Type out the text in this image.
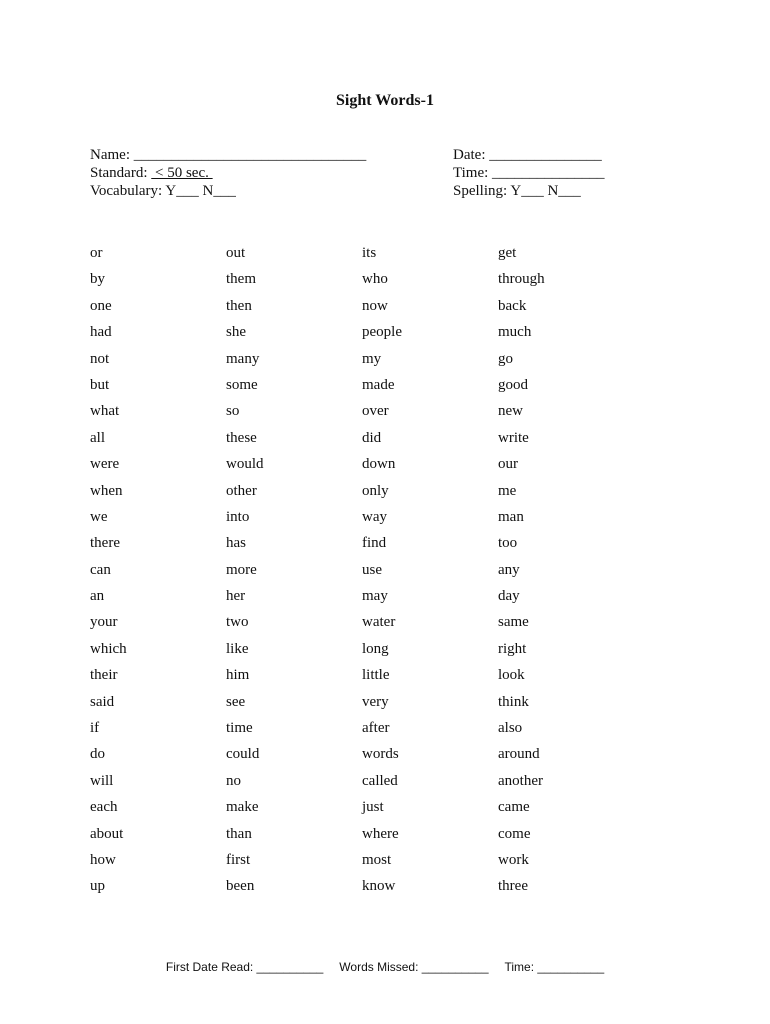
Sight Words-1
Name: _______________________________
Standard:  < 50 sec.
Vocabulary: Y___ N___
Date: _______________
Time: _______________
Spelling: Y___ N___
or
by
one
had
not
but
what
all
were
when
we
there
can
an
your
which
their
said
if
do
will
each
about
how
up
out
them
then
she
many
some
so
these
would
other
into
has
more
her
two
like
him
see
time
could
no
make
than
first
been
its
who
now
people
my
made
over
did
down
only
way
find
use
may
water
long
little
very
after
words
called
just
where
most
know
get
through
back
much
go
good
new
write
our
me
man
too
any
day
same
right
look
think
also
around
another
came
come
work
three
First Date Read: __________ Words Missed: __________ Time: __________
